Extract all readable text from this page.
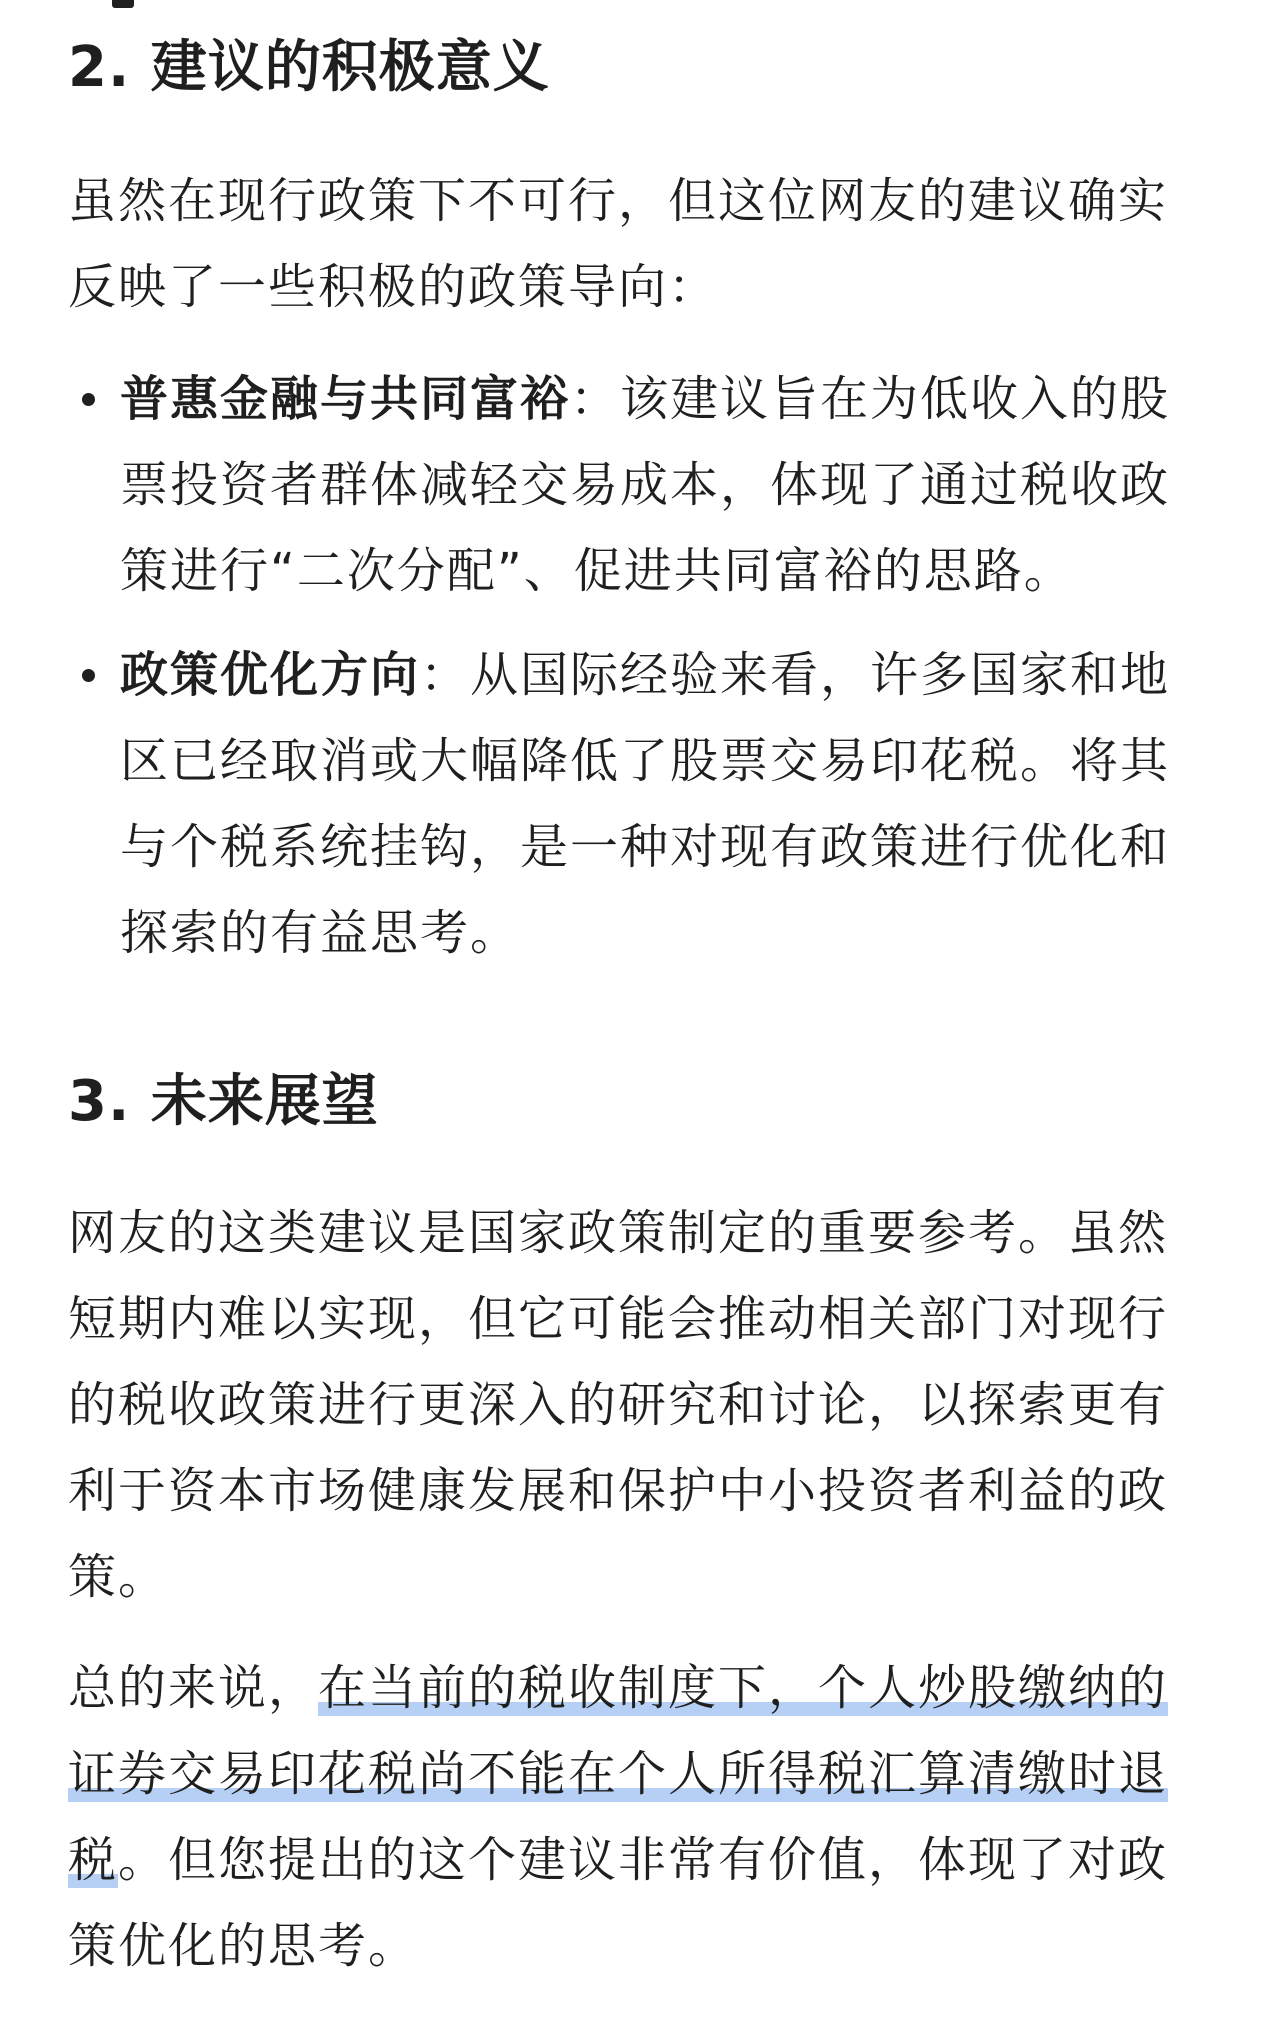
2. 建议的积极意义

虽然在现行政策下不可行，但这位网友的建议确实反映了一些积极的政策导向：

普惠金融与共同富裕：该建议旨在为低收入的股票投资者群体减轻交易成本，体现了通过税收政策进行“二次分配”、促进共同富裕的思路。
政策优化方向：从国际经验来看，许多国家和地区已经取消或大幅降低了股票交易印花税。将其与个税系统挂钩，是一种对现有政策进行优化和探索的有益思考。
3. 未来展望

网友的这类建议是国家政策制定的重要参考。虽然短期内难以实现，但它可能会推动相关部门对现行的税收政策进行更深入的研究和讨论，以探索更有利于资本市场健康发展和保护中小投资者利益的政策。

总的来说，在当前的税收制度下，个人炒股缴纳的证券交易印花税尚不能在个人所得税汇算清缴时退税。但您提出的这个建议非常有价值，体现了对政策优化的思考。
